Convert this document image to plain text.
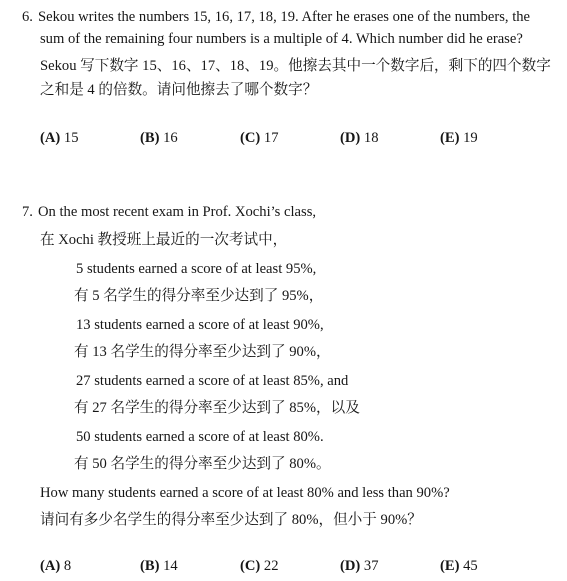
6. Sekou writes the numbers 15, 16, 17, 18, 19. After he erases one of the numbers, the
sum of the remaining four numbers is a multiple of 4. Which number did he erase?
Sekou 写下数字 15、16、17、18、19。他擦去其中一个数字后，剩下的四个数字
之和是 4 的倍数。请问他擦去了哪个数字？
(A) 15	(B) 16	(C) 17	(D) 18	(E) 19
7. On the most recent exam in Prof. Xochi’s class,
在 Xochi 教授班上最近的一次考试中，
5 students earned a score of at least 95%,
有 5 名学生的得分率至少达到了 95%，
13 students earned a score of at least 90%,
有 13 名学生的得分率至少达到了 90%，
27 students earned a score of at least 85%, and
有 27 名学生的得分率至少达到了 85%，以及
50 students earned a score of at least 80%.
有 50 名学生的得分率至少达到了 80%。
How many students earned a score of at least 80% and less than 90%?
请问有多少名学生的得分率至少达到了 80%，但小于 90%？
(A) 8	(B) 14	(C) 22	(D) 37	(E) 45
